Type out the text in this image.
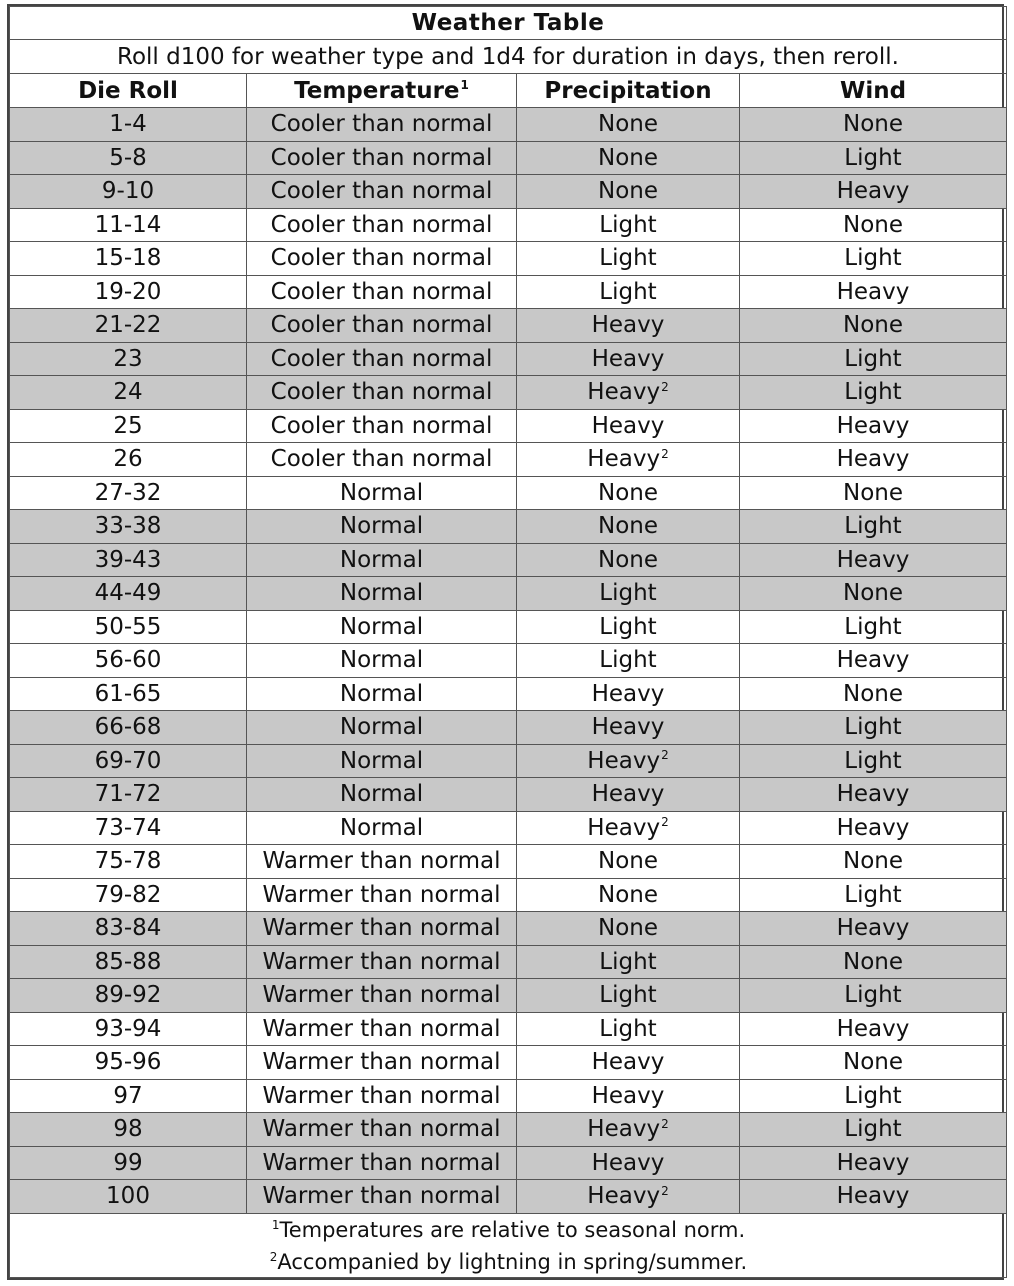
Weather Table			
Roll d100 for weather type and 1d4 for duration in days, then reroll.			
Die Roll	Temperature$^1$	Precipitation	Wind
1-4	Cooler than normal	None	None
5-8	Cooler than normal	None	Light
9-10	Cooler than normal	None	Heavy
11-14	Cooler than normal	Light	None
15-18	Cooler than normal	Light	Light
19-20	Cooler than normal	Light	Heavy
21-22	Cooler than normal	Heavy	None
23	Cooler than normal	Heavy	Light
24	Cooler than normal	Heavy$^2$	Light
25	Cooler than normal	Heavy	Heavy
26	Cooler than normal	Heavy$^2$	Heavy
27-32	Normal	None	None
33-38	Normal	None	Light
39-43	Normal	None	Heavy
44-49	Normal	Light	None
50-55	Normal	Light	Light
56-60	Normal	Light	Heavy
61-65	Normal	Heavy	None
66-68	Normal	Heavy	Light
69-70	Normal	Heavy$^2$	Light
71-72	Normal	Heavy	Heavy
73-74	Normal	Heavy$^2$	Heavy
75-78	Warmer than normal	None	None
79-82	Warmer than normal	None	Light
83-84	Warmer than normal	None	Heavy
85-88	Warmer than normal	Light	None
89-92	Warmer than normal	Light	Light
93-94	Warmer than normal	Light	Heavy
95-96	Warmer than normal	Heavy	None
97	Warmer than normal	Heavy	Light
98	Warmer than normal	Heavy$^2$	Light
99	Warmer than normal	Heavy	Heavy
100	Warmer than normal	Heavy$^2$	Heavy
$^1$Temperatures are relative to seasonal norm.			
$^2$Accompanied by lightning in spring/summer.			
